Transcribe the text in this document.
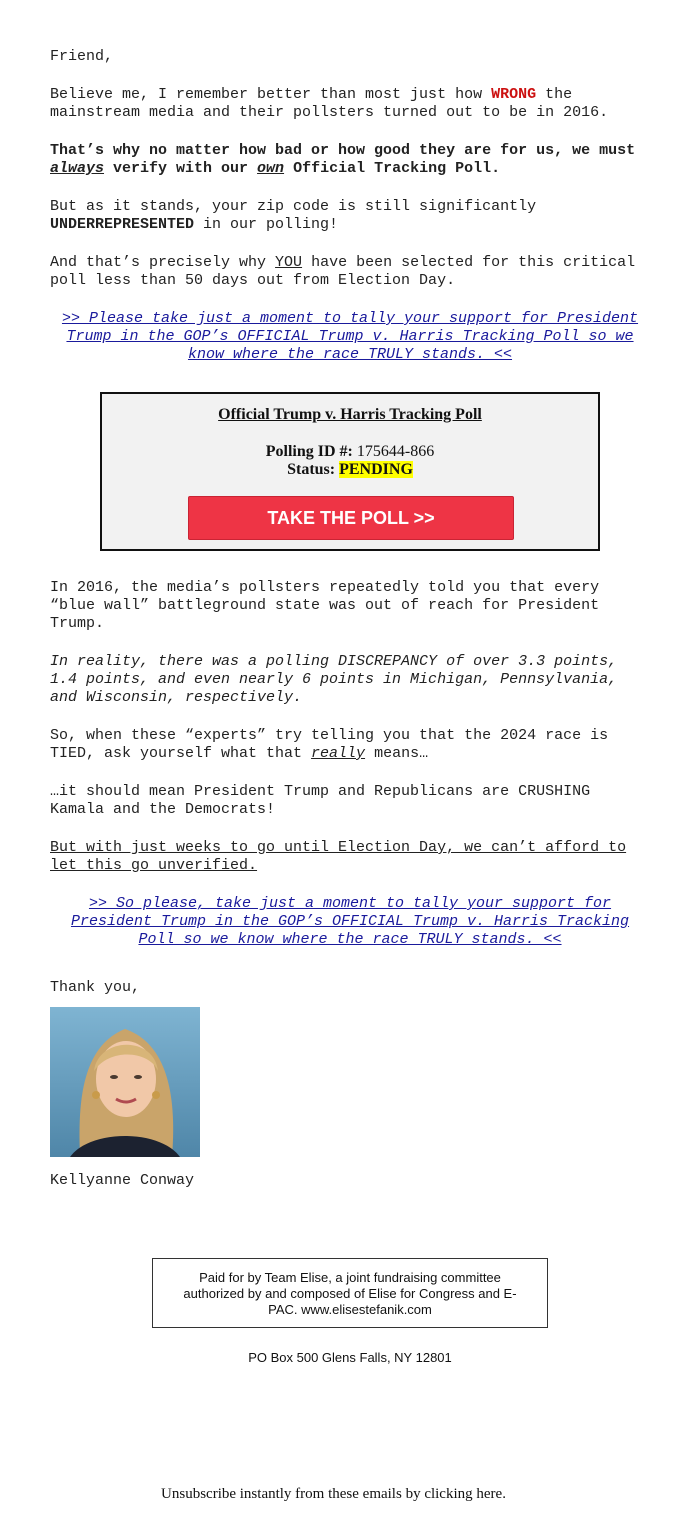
Friend,

Believe me, I remember better than most just how WRONG the mainstream media and their pollsters turned out to be in 2016.

That’s why no matter how bad or how good they are for us, we must always verify with our own Official Tracking Poll.

But as it stands, your zip code is still significantly UNDERREPRESENTED in our polling!

And that’s precisely why YOU have been selected for this critical poll less than 50 days out from Election Day.

>> Please take just a moment to tally your support for President Trump in the GOP’s OFFICIAL Trump v. Harris Tracking Poll so we know where the race TRULY stands. <<

Official Trump v. Harris Tracking Poll
Polling ID #: 175644-866
Status: PENDING
TAKE THE POLL >>

In 2016, the media’s pollsters repeatedly told you that every “blue wall” battleground state was out of reach for President Trump.

In reality, there was a polling DISCREPANCY of over 3.3 points, 1.4 points, and even nearly 6 points in Michigan, Pennsylvania, and Wisconsin, respectively.

So, when these “experts” try telling you that the 2024 race is TIED, ask yourself what that really means…

…it should mean President Trump and Republicans are CRUSHING Kamala and the Democrats!

But with just weeks to go until Election Day, we can’t afford to let this go unverified.

>> So please, take just a moment to tally your support for President Trump in the GOP’s OFFICIAL Trump v. Harris Tracking Poll so we know where the race TRULY stands. <<

Thank you,

Kellyanne Conway

Paid for by Team Elise, a joint fundraising committee authorized by and composed of Elise for Congress and E-PAC. www.elisestefanik.com
PO Box 500 Glens Falls, NY 12801
Unsubscribe instantly from these emails by clicking here.
